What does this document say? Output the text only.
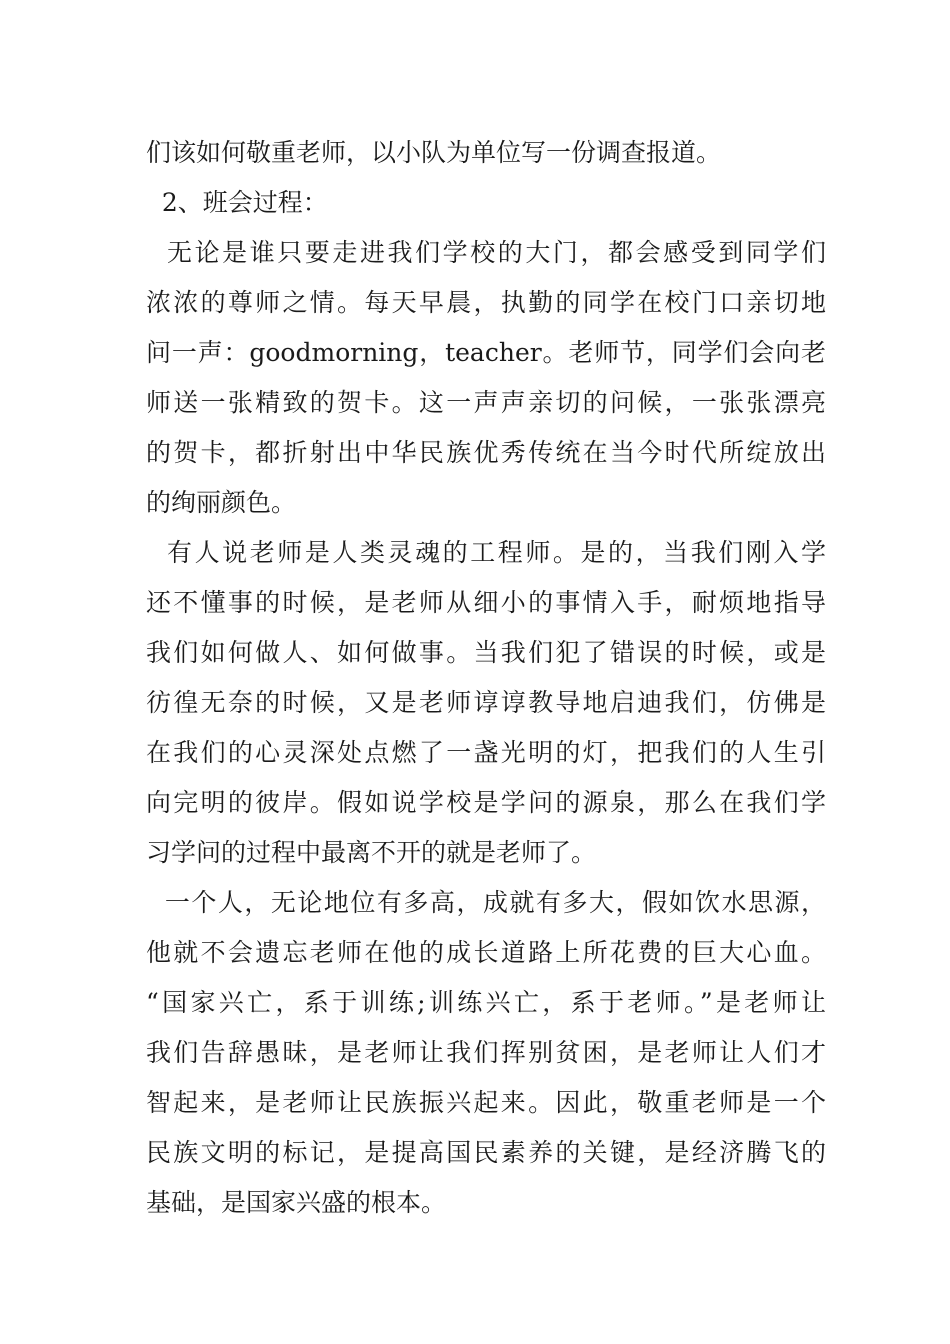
们该如何敬重老师，以小队为单位写一份调查报道。
2、班会过程：
无论是谁只要走进我们学校的大门，都会感受到同学们
浓浓的尊师之情。每天早晨，执勤的同学在校门口亲切地
问一声：goodmorning，teacher。老师节，同学们会向老
师送一张精致的贺卡。这一声声亲切的问候，一张张漂亮
的贺卡，都折射出中华民族优秀传统在当今时代所绽放出
的绚丽颜色。
有人说老师是人类灵魂的工程师。是的，当我们刚入学
还不懂事的时候，是老师从细小的事情入手，耐烦地指导
我们如何做人、如何做事。当我们犯了错误的时候，或是
彷徨无奈的时候，又是老师谆谆教导地启迪我们，仿佛是
在我们的心灵深处点燃了一盏光明的灯，把我们的人生引
向完明的彼岸。假如说学校是学问的源泉，那么在我们学
习学问的过程中最离不开的就是老师了。
一个人，无论地位有多高，成就有多大，假如饮水思源，
他就不会遗忘老师在他的成长道路上所花费的巨大心血。
“国家兴亡，系于训练;训练兴亡，系于老师。”是老师让
我们告辞愚昧，是老师让我们挥别贫困，是老师让人们才
智起来，是老师让民族振兴起来。因此，敬重老师是一个
民族文明的标记，是提高国民素养的关键，是经济腾飞的
基础，是国家兴盛的根本。
